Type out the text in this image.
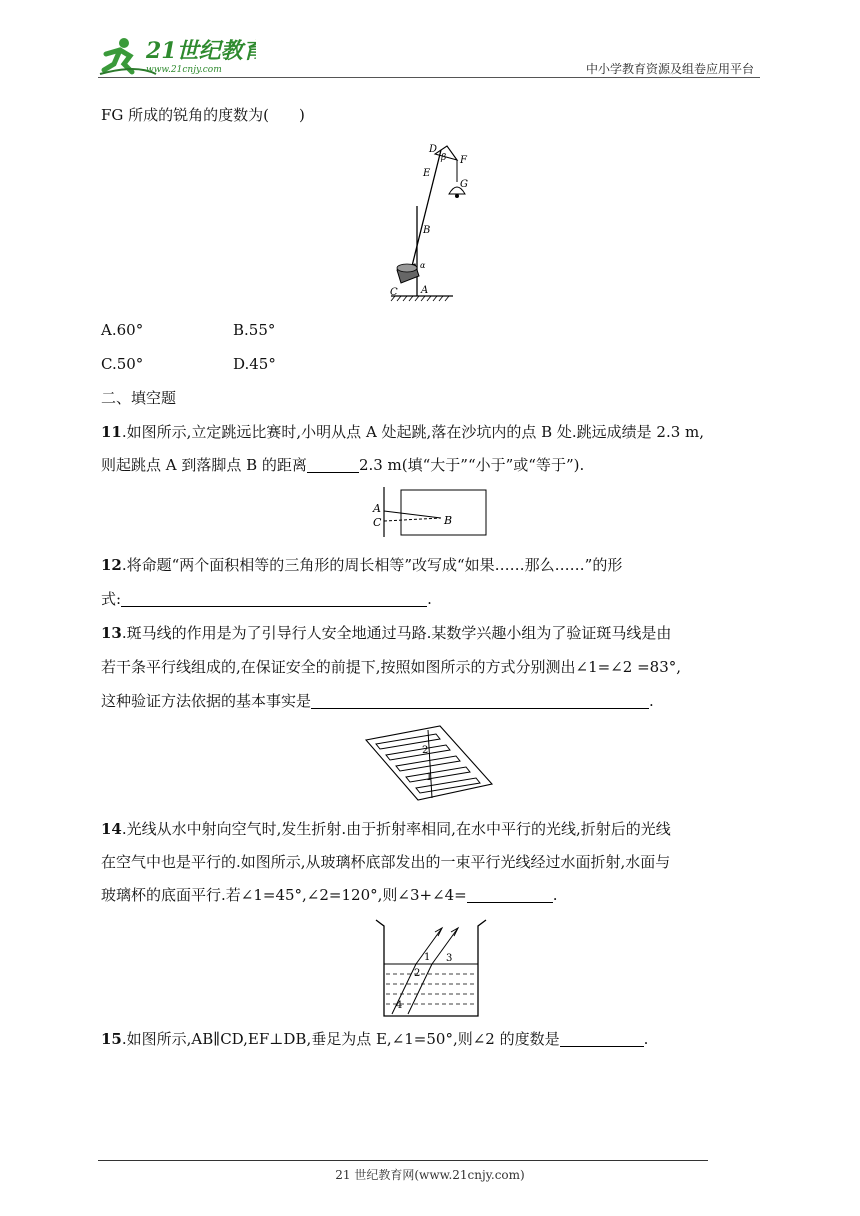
21世纪教育
www.21cnjy.com	中小学教育资源及组卷应用平台
FG 所成的锐角的度数为(　　)
D
β F
E
G
B
α
C A
A.60°	B.55°
C.50°	D.45°
二、填空题
11.如图所示,立定跳远比赛时,小明从点 A 处起跳,落在沙坑内的点 B 处.跳远成绩是 2.3 m,
则起跳点 A 到落脚点 B 的距离	2.3 m(填“大于”“小于”或“等于”).
A
C	B
12.将命题“两个面积相等的三角形的周长相等”改写成“如果……那么……”的形
式:	.
13.斑马线的作用是为了引导行人安全地通过马路.某数学兴趣小组为了验证斑马线是由
若干条平行线组成的,在保证安全的前提下,按照如图所示的方式分别测出∠1=∠2 =83°,
这种验证方法依据的基本事实是	.
2
1
14.光线从水中射向空气时,发生折射.由于折射率相同,在水中平行的光线,折射后的光线
在空气中也是平行的.如图所示,从玻璃杯底部发出的一束平行光线经过水面折射,水面与
玻璃杯的底面平行.若∠1=45°,∠2=120°,则∠3+∠4=	.
1 3
2
4
15.如图所示,AB∥CD,EF⊥DB,垂足为点 E,∠1=50°,则∠2 的度数是	.
21 世纪教育网(www.21cnjy.com)
